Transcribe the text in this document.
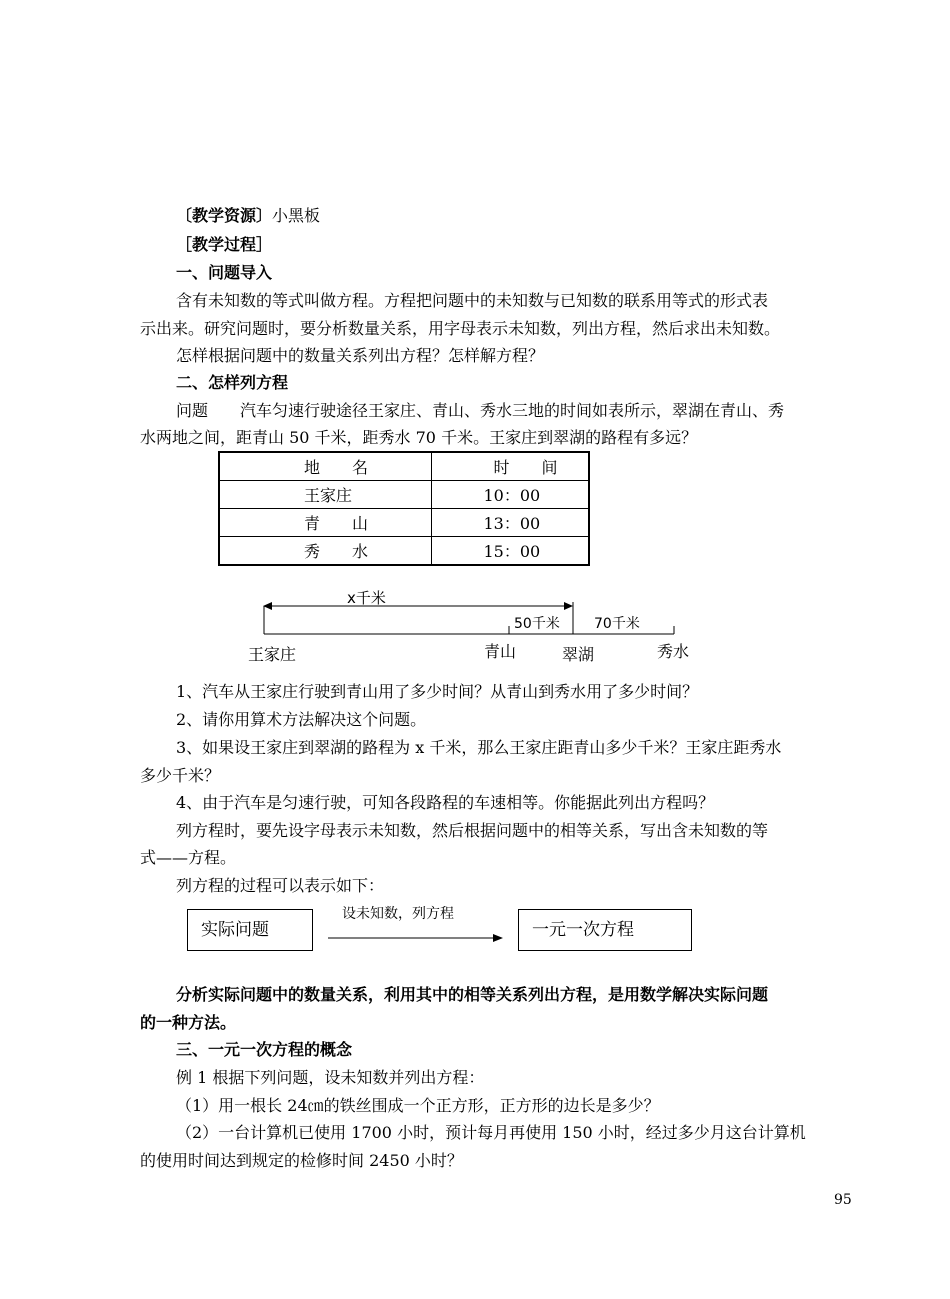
〔教学资源〕小黑板
［教学过程］
一、问题导入
含有未知数的等式叫做方程。方程把问题中的未知数与已知数的联系用等式的形式表
示出来。研究问题时，要分析数量关系，用字母表示未知数，列出方程，然后求出未知数。
怎样根据问题中的数量关系列出方程？怎样解方程？
二、怎样列方程
问题　　汽车匀速行驶途径王家庄、青山、秀水三地的时间如表所示，翠湖在青山、秀
水两地之间，距青山 50 千米，距秀水 70 千米。王家庄到翠湖的路程有多远？
地　　名	时　　间
王家庄	10：00
青　　山	13：00
秀　　水	15：00
x千米
50千米 70千米
王家庄	青山	翠湖	秀水
1、汽车从王家庄行驶到青山用了多少时间？从青山到秀水用了多少时间？
2、请你用算术方法解决这个问题。
3、如果设王家庄到翠湖的路程为 x 千米，那么王家庄距青山多少千米？王家庄距秀水
多少千米？
4、由于汽车是匀速行驶，可知各段路程的车速相等。你能据此列出方程吗？
列方程时，要先设字母表示未知数，然后根据问题中的相等关系，写出含未知数的等
式——方程。
列方程的过程可以表示如下：
实际问题
设未知数，列方程
一元一次方程
分析实际问题中的数量关系，利用其中的相等关系列出方程，是用数学解决实际问题
的一种方法。
三、一元一次方程的概念
例 1 根据下列问题，设未知数并列出方程：
（1）用一根长 24㎝的铁丝围成一个正方形，正方形的边长是多少？
（2）一台计算机已使用 1700 小时，预计每月再使用 150 小时，经过多少月这台计算机
的使用时间达到规定的检修时间 2450 小时？
95
